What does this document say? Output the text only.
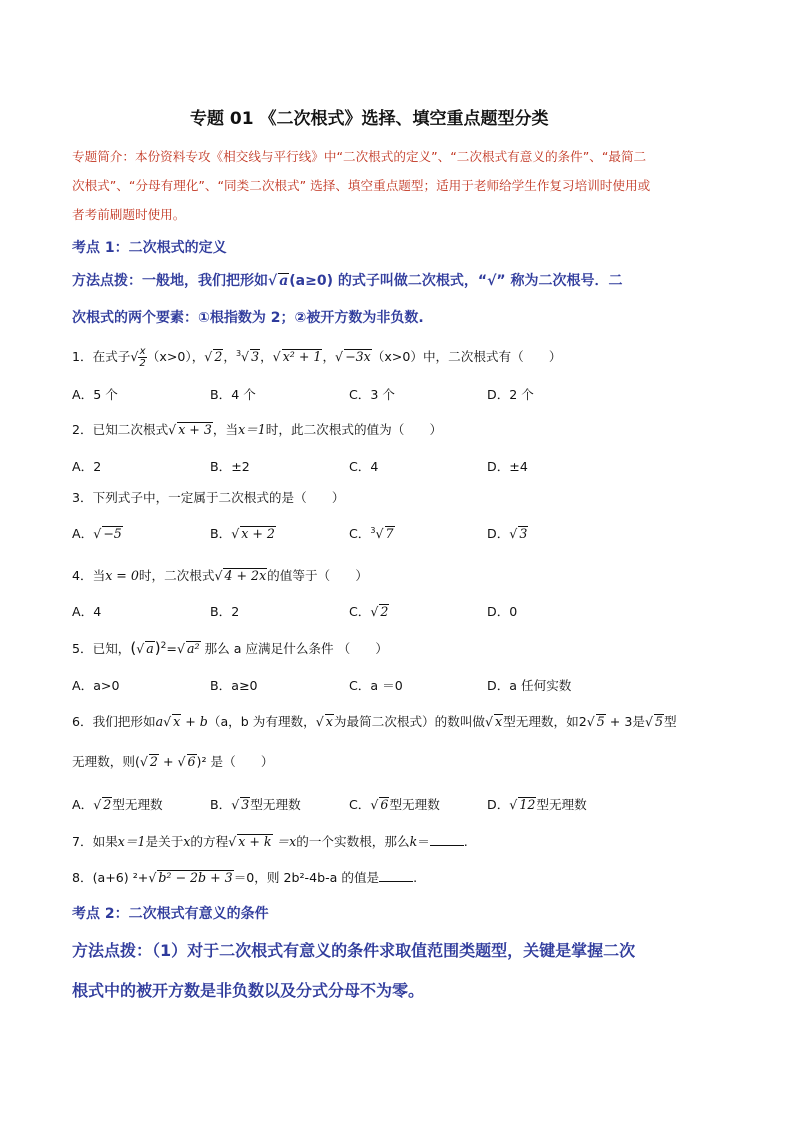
专题 01 《二次根式》选择、填空重点题型分类
专题简介：本份资料专攻《相交线与平行线》中“二次根式的定义”、“二次根式有意义的条件”、“最简二
次根式”、“分母有理化”、“同类二次根式” 选择、填空重点题型；适用于老师给学生作复习培训时使用或
者考前刷题时使用。
考点 1：二次根式的定义
方法点拨：一般地，我们把形如√ a(a≥0) 的式子叫做二次根式，“√” 称为二次根号．二
次根式的两个要素：①根指数为 2；②被开方数为非负数.
1．在式子√ $\frac{x}{2} (x>0)$，√ 2，$^3$√ 3，√ x² + 1，√ −3x（x>0）中，二次根式有（　　）
A．5 个	B．4 个	C．3 个	D．2 个
2．已知二次根式√ x + 3，当x＝1时，此二次根式的值为（　　）
A．2	B．±2	C．4	D．±4
3．下列式子中，一定属于二次根式的是（　　）
A．√ −5	B．√ x + 2	C．$^3$√ 7	D．√ 3
4．当x = 0时，二次根式√ 4 + 2x的值等于（　　）
A．4	B．2	C．√ 2	D．0
5．已知，(√ a)$^2$=√ a² 那么 a 应满足什么条件 （　　）
A．a>0	B．a≥0	C．a ＝0	D．a 任何实数
6．我们把形如a√ x + b（a，b 为有理数，√ x为最简二次根式）的数叫做√ x型无理数，如2√ 5 + 3是√ 5型
无理数，则(√ 2 + √ 6)² 是（　　）
A．√ 2型无理数	B．√ 3型无理数	C．√ 6型无理数	D．√ 12型无理数
7．如果x＝1是关于x的方程√ x + k ＝x的一个实数根，那么k＝	.
8．(a+6) ²+√ b² − 2b + 3＝0，则 2b²-4b-a 的值是	.
考点 2：二次根式有意义的条件
方法点拨：（1）对于二次根式有意义的条件求取值范围类题型，关键是掌握二次
根式中的被开方数是非负数以及分式分母不为零。
